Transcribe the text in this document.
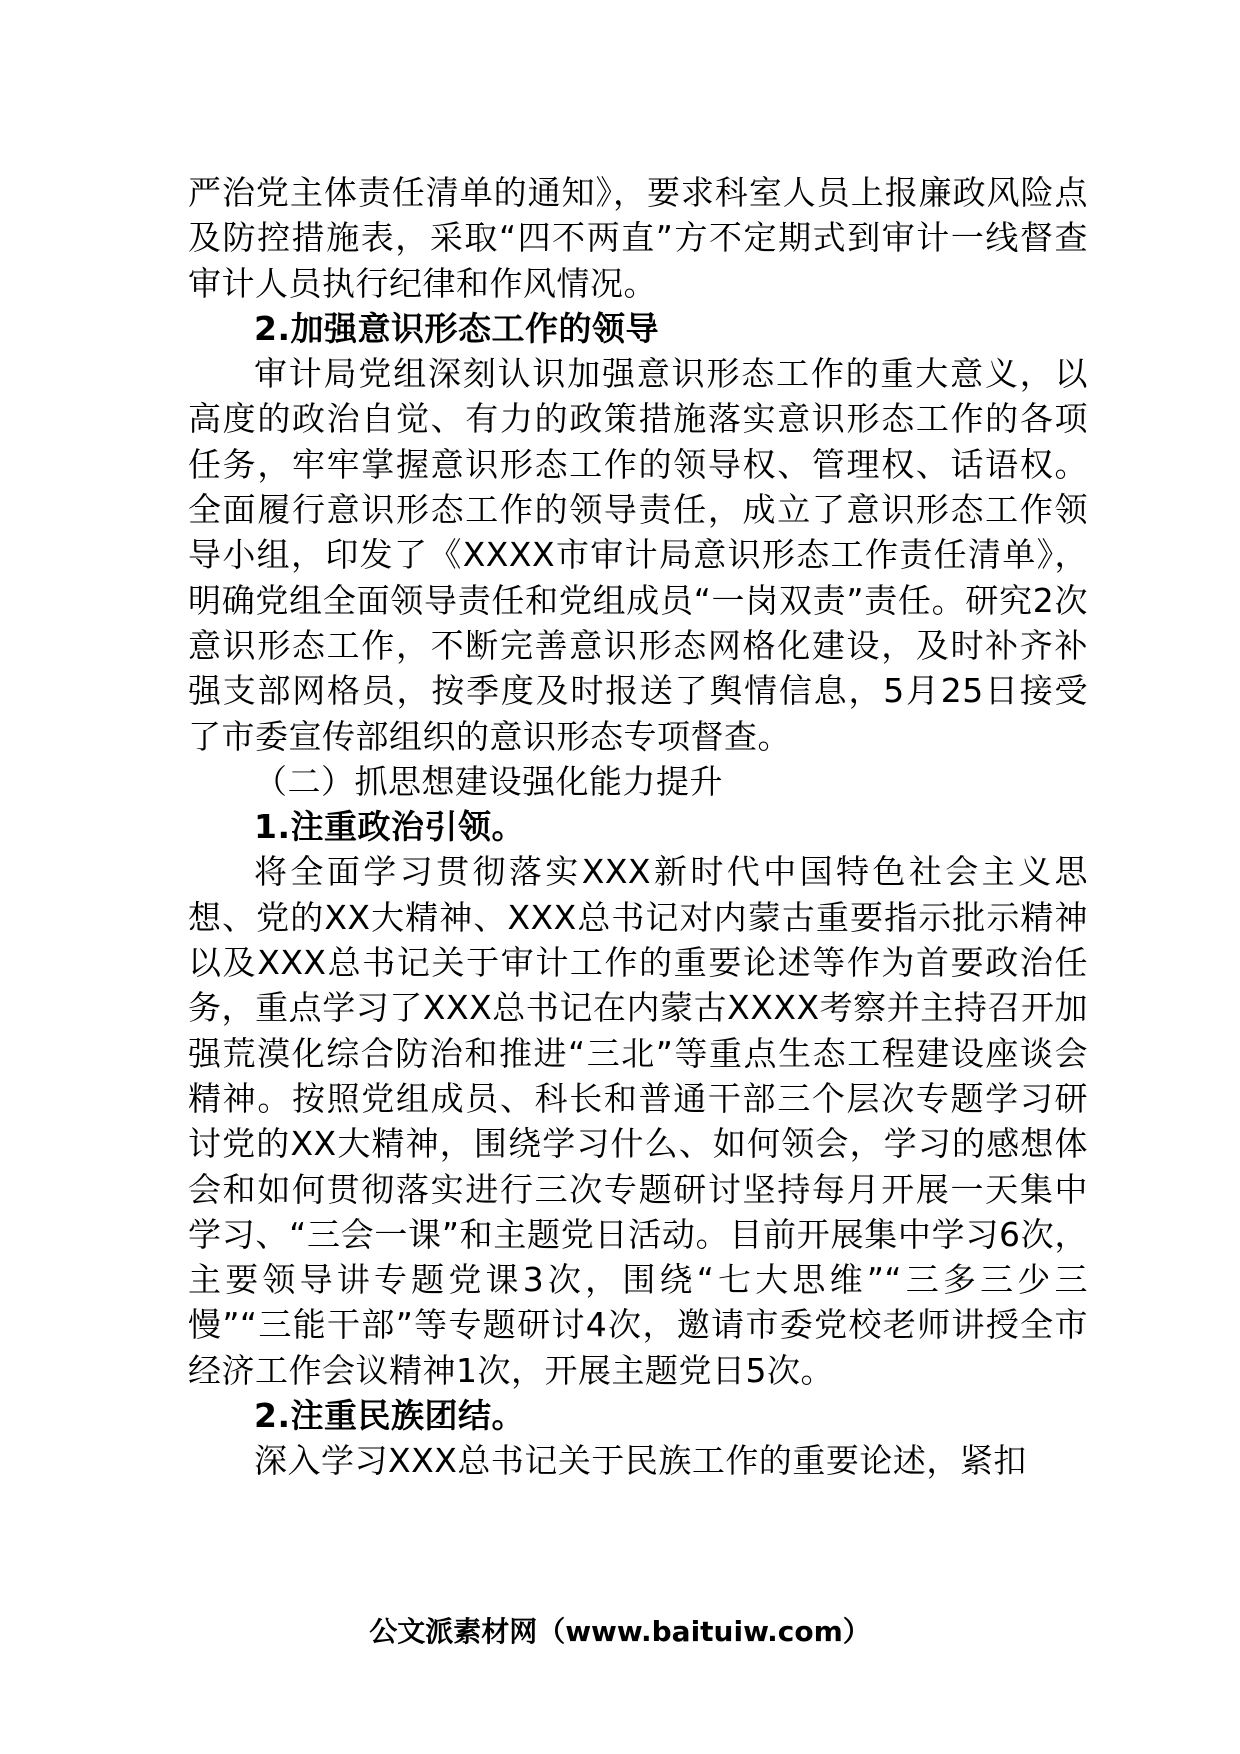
严治党主体责任清单的通知》，要求科室人员上报廉政风险点及防控措施表，采取“四不两直”方不定期式到审计一线督查审计人员执行纪律和作风情况。

2.加强意识形态工作的领导

审计局党组深刻认识加强意识形态工作的重大意义，以高度的政治自觉、有力的政策措施落实意识形态工作的各项任务，牢牢掌握意识形态工作的领导权、管理权、话语权。全面履行意识形态工作的领导责任，成立了意识形态工作领导小组，印发了《XXXX市审计局意识形态工作责任清单》，明确党组全面领导责任和党组成员“一岗双责”责任。研究2次意识形态工作，不断完善意识形态网格化建设，及时补齐补强支部网格员，按季度及时报送了舆情信息，5月25日接受了市委宣传部组织的意识形态专项督查。

（二）抓思想建设强化能力提升

1.注重政治引领。

将全面学习贯彻落实XXX新时代中国特色社会主义思想、党的XX大精神、XXX总书记对内蒙古重要指示批示精神以及XXX总书记关于审计工作的重要论述等作为首要政治任务，重点学习了XXX总书记在内蒙古XXXX考察并主持召开加强荒漠化综合防治和推进“三北”等重点生态工程建设座谈会精神。按照党组成员、科长和普通干部三个层次专题学习研讨党的XX大精神，围绕学习什么、如何领会，学习的感想体会和如何贯彻落实进行三次专题研讨坚持每月开展一天集中学习、“三会一课”和主题党日活动。目前开展集中学习6次，主要领导讲专题党课3次，围绕“七大思维”“三多三少三慢”“三能干部”等专题研讨4次，邀请市委党校老师讲授全市经济工作会议精神1次，开展主题党日5次。

2.注重民族团结。

深入学习XXX总书记关于民族工作的重要论述，紧扣

公文派素材网（www.baituiw.com）
